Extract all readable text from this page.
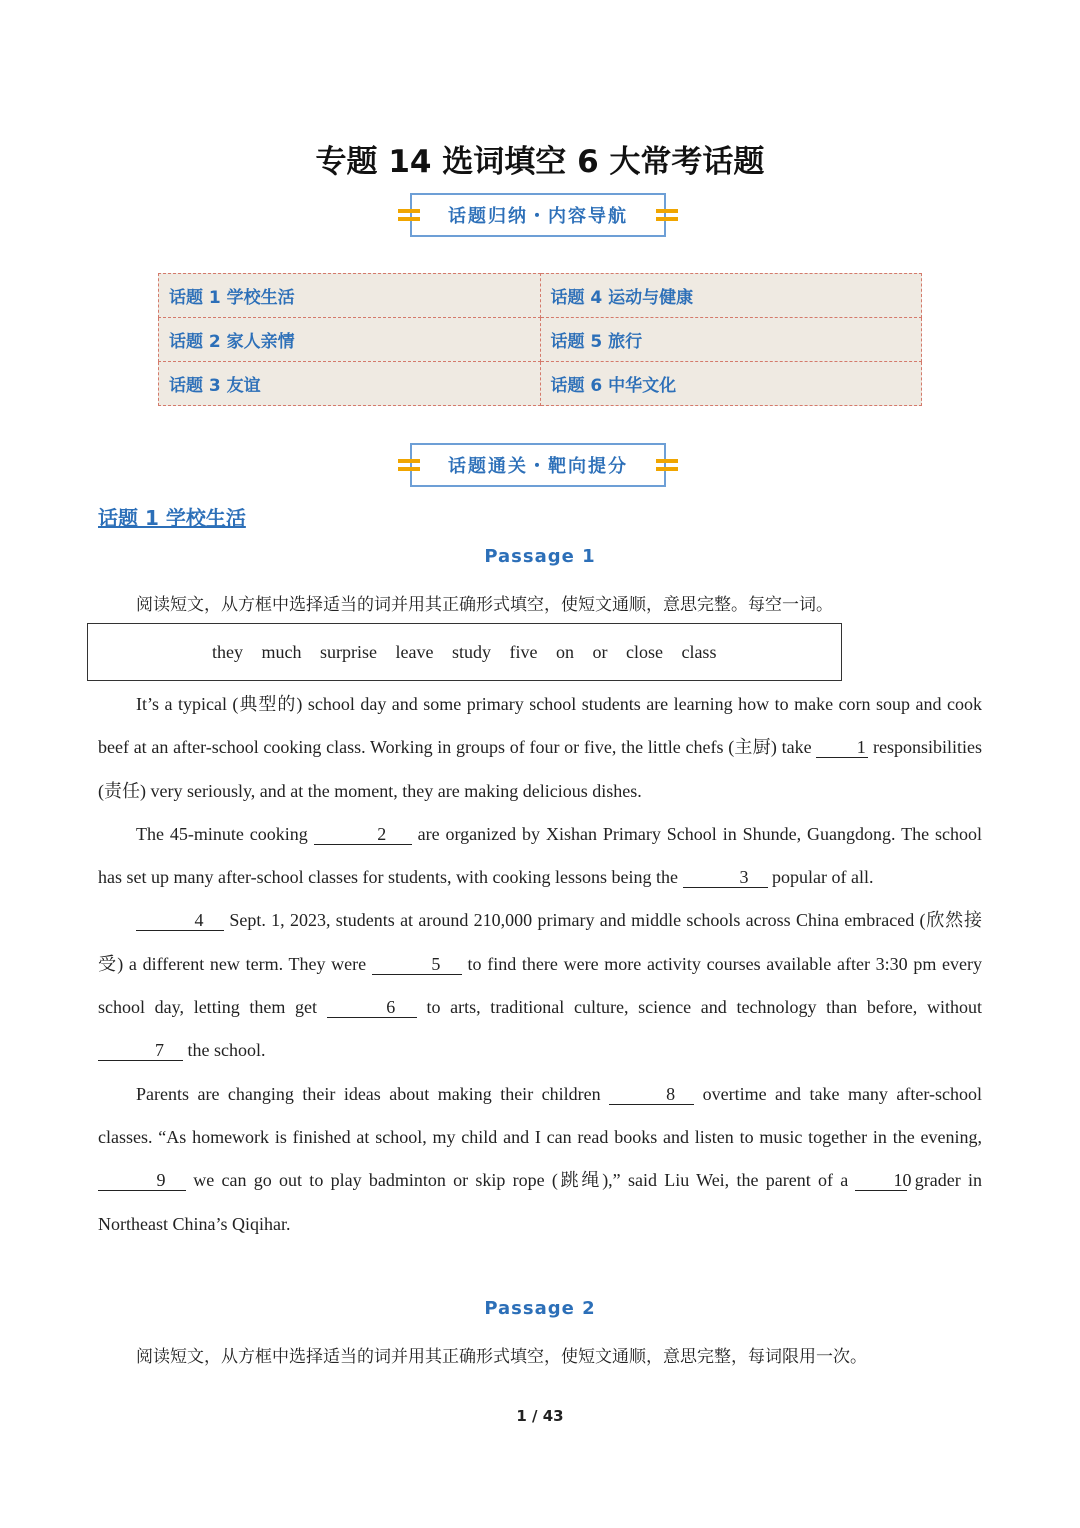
专题 14 选词填空 6 大常考话题
话题归纳・内容导航
话题 1 学校生活	话题 4 运动与健康
话题 2 家人亲情	话题 5 旅行
话题 3 友谊	话题 6 中华文化
话题通关・靶向提分
话题 1 学校生活
Passage 1
阅读短文，从方框中选择适当的词并用其正确形式填空，使短文通顺，意思完整。每空一词。
they much surprise leave study five on or close class

It’s a typical (典型的) school day and some primary school students are learning how to make corn soup and cook beef at an after-school cooking class. Working in groups of four or five, the little chefs (主厨) take 1 responsibilities (责任) very seriously, and at the moment, they are making delicious dishes.

The 45-minute cooking	2 are organized by Xishan Primary School in Shunde, Guangdong. The school has set up many after-school classes for students, with cooking lessons being the	3 popular of all.

4 Sept. 1, 2023, students at around 210,000 primary and middle schools across China embraced (欣然接受) a different new term. They were	5 to find there were more activity courses available after 3:30 pm every school day, letting them get	6 to arts, traditional culture, science and technology than before, without 7 the school.

Parents are changing their ideas about making their children	8 overtime and take many after-school classes. “As homework is finished at school, my child and I can read books and listen to music together in the evening, 9 we can go out to play badminton or skip rope (跳绳),” said Liu Wei, the parent of a 10 grader in Northeast China’s Qiqihar.

Passage 2
阅读短文，从方框中选择适当的词并用其正确形式填空，使短文通顺，意思完整，每词限用一次。
1 / 43
